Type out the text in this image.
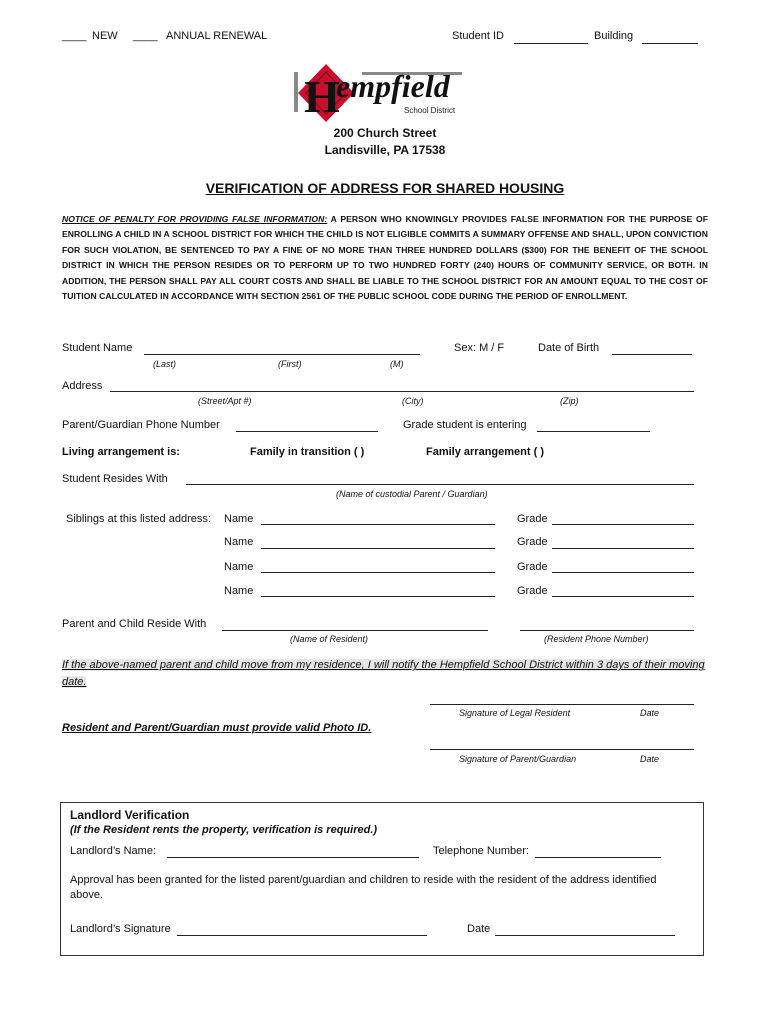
____ NEW ____ ANNUAL RENEWAL	Student ID	Building
H
empfield
School District
200 Church Street
Landisville, PA 17538
VERIFICATION OF ADDRESS FOR SHARED HOUSING
NOTICE OF PENALTY FOR PROVIDING FALSE INFORMATION: A PERSON WHO KNOWINGLY PROVIDES FALSE INFORMATION FOR THE PURPOSE OF ENROLLING A CHILD IN A SCHOOL DISTRICT FOR WHICH THE CHILD IS NOT ELIGIBLE COMMITS A SUMMARY OFFENSE AND SHALL, UPON CONVICTION FOR SUCH VIOLATION, BE SENTENCED TO PAY A FINE OF NO MORE THAN THREE HUNDRED DOLLARS ($300) FOR THE BENEFIT OF THE SCHOOL DISTRICT IN WHICH THE PERSON RESIDES OR TO PERFORM UP TO TWO HUNDRED FORTY (240) HOURS OF COMMUNITY SERVICE, OR BOTH. IN ADDITION, THE PERSON SHALL PAY ALL COURT COSTS AND SHALL BE LIABLE TO THE SCHOOL DISTRICT FOR AN AMOUNT EQUAL TO THE COST OF TUITION CALCULATED IN ACCORDANCE WITH SECTION 2561 OF THE PUBLIC SCHOOL CODE DURING THE PERIOD OF ENROLLMENT.
Student Name
(Last)	(First)	(M)
Sex: M / F	Date of Birth
Address
(Street/Apt #)	(City)	(Zip)
Parent/Guardian Phone Number	Grade student is entering
Living arrangement is:	Family in transition ( )	Family arrangement ( )
Student Resides With
(Name of custodial Parent / Guardian)
Siblings at this listed address: Name	Grade
Name	Grade
Name	Grade
Name	Grade
Parent and Child Reside With
(Name of Resident)	(Resident Phone Number)
If the above-named parent and child move from my residence, I will notify the Hempfield School District within 3 days of their moving date.
Signature of Legal Resident	Date
Resident and Parent/Guardian must provide valid Photo ID.
Signature of Parent/Guardian	Date
Landlord Verification
(If the Resident rents the property, verification is required.)
Landlord’s Name:	Telephone Number:
Approval has been granted for the listed parent/guardian and children to reside with the resident of the address identified above.
Landlord’s Signature	Date
